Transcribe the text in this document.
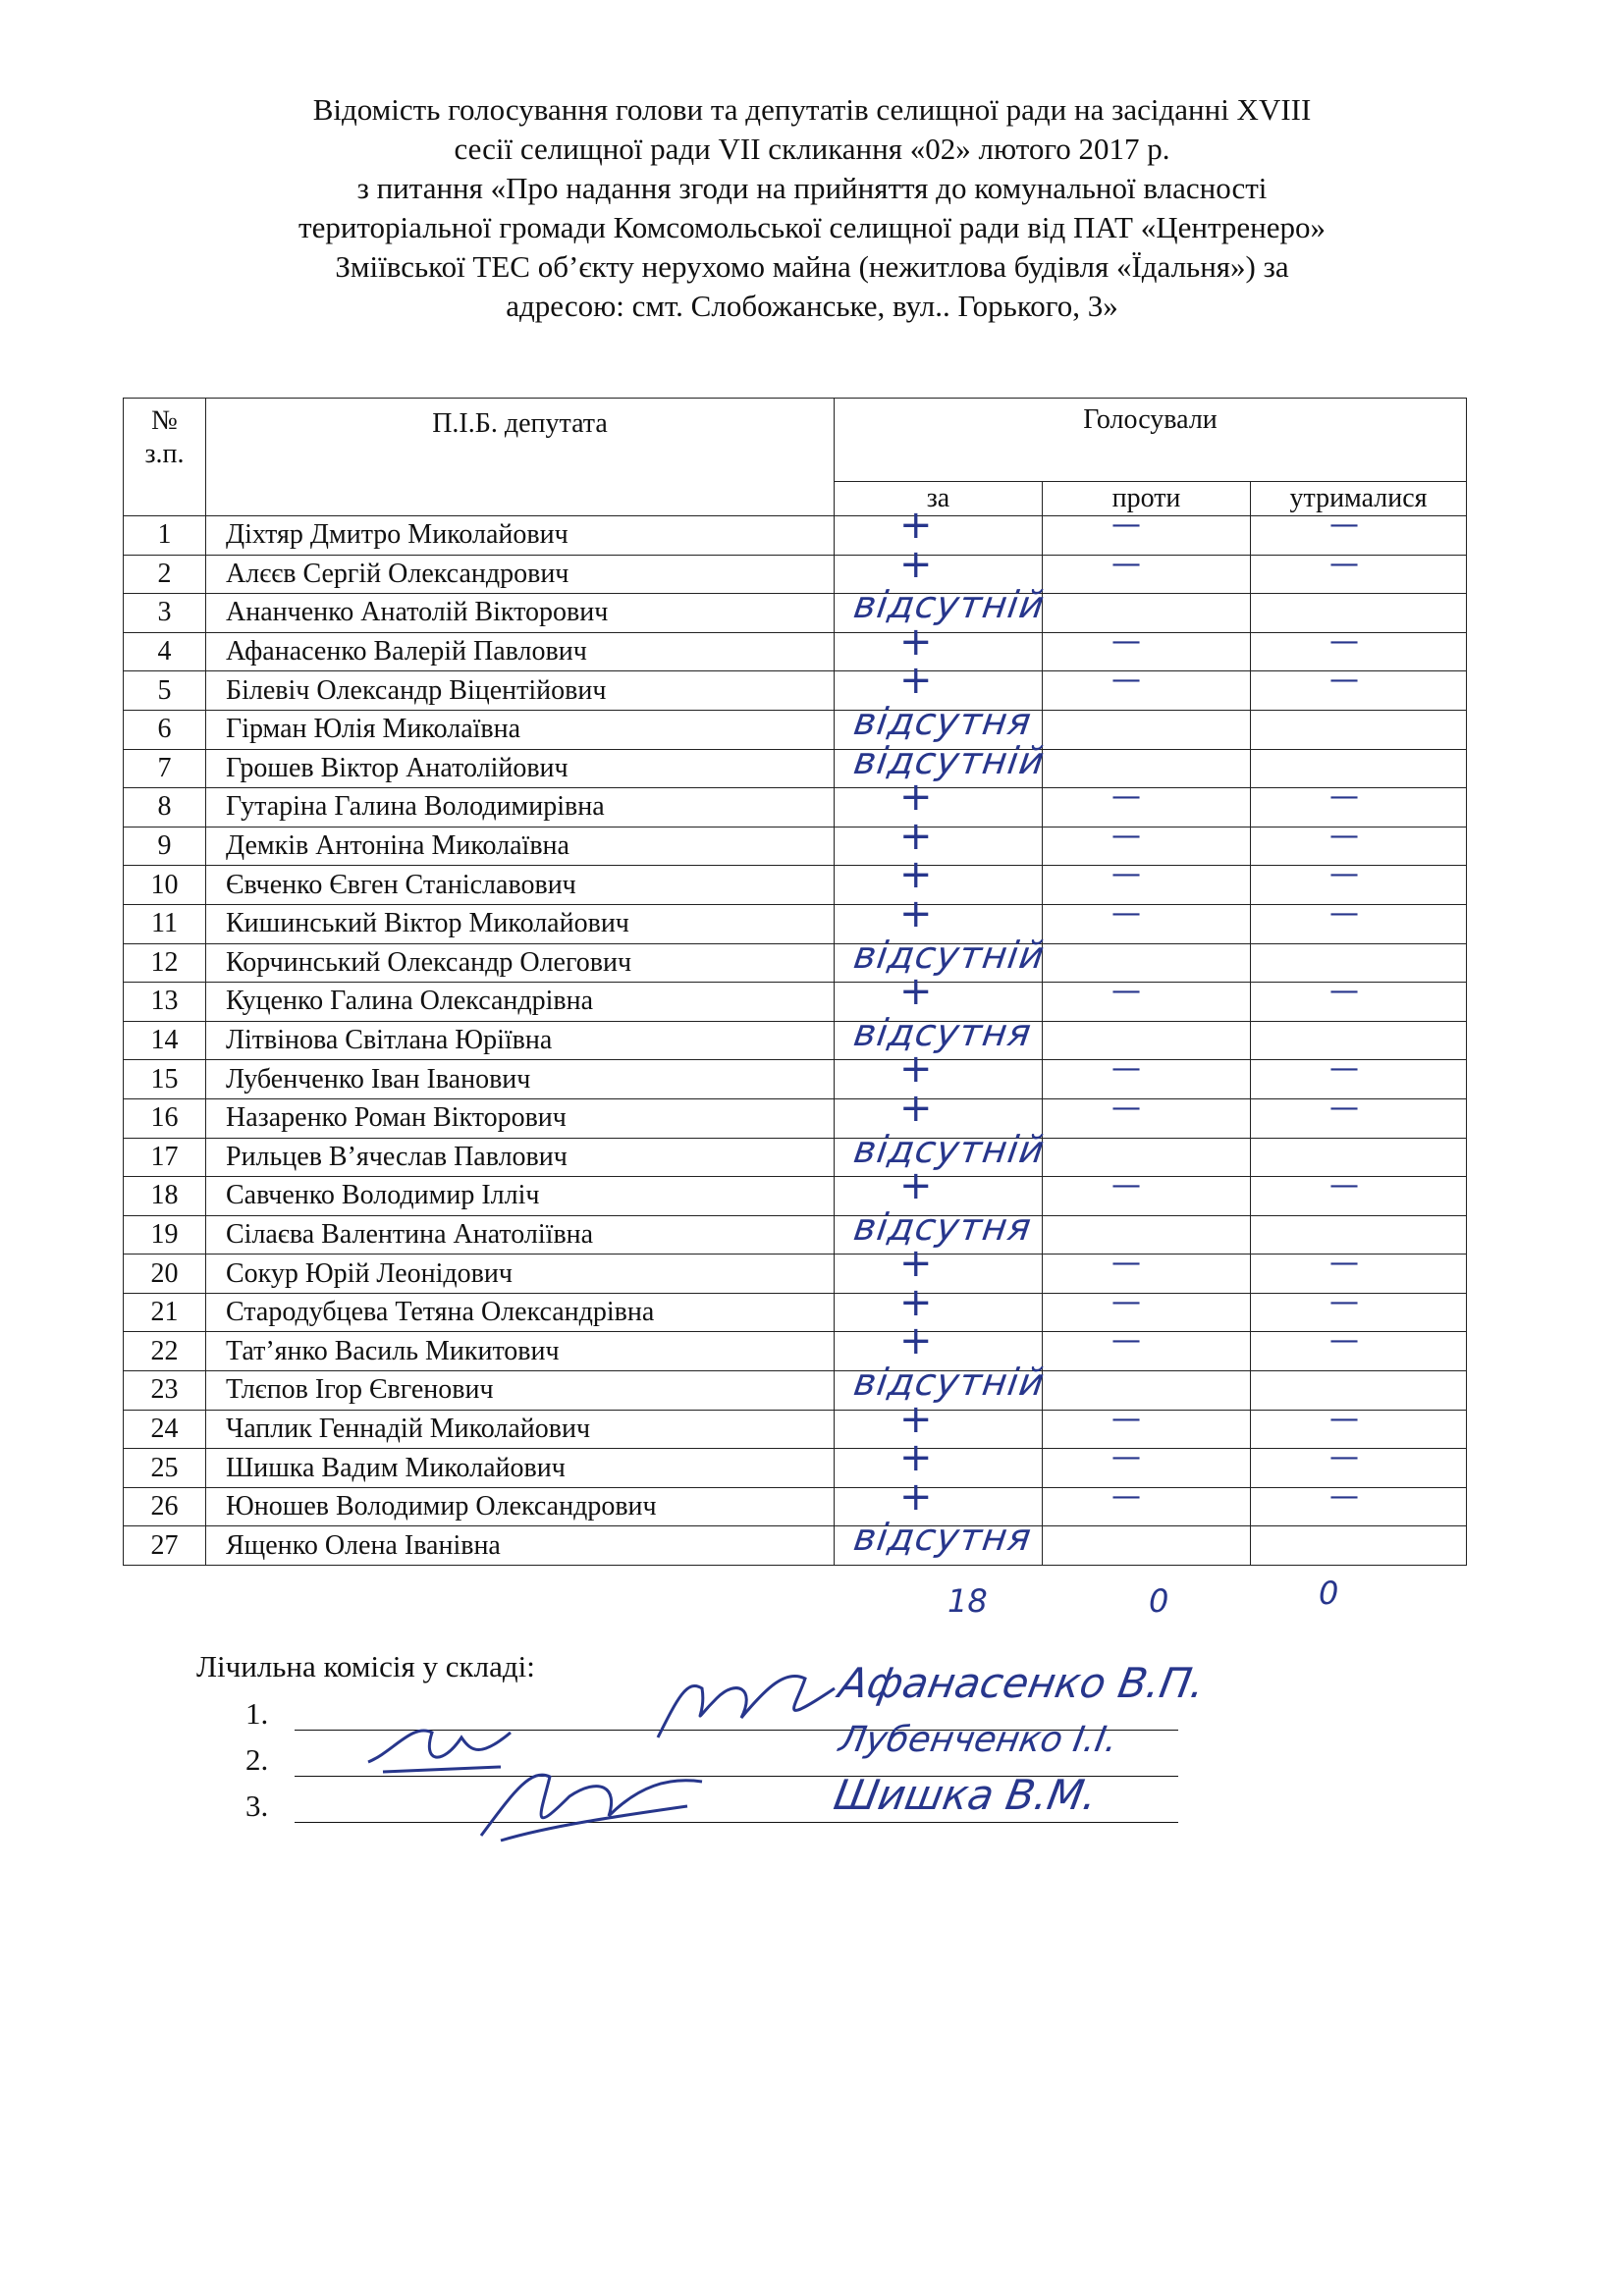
Відомість голосування голови та депутатів селищної ради на засіданні XVIII
сесії селищної ради VII скликання «02» лютого 2017 р.
з питання «Про надання згоди на прийняття до комунальної власності
територіальної громади Комсомольської селищної ради від ПАТ «Центренеро»
Зміївської ТЕС об’єкту нерухомо майна (нежитлова будівля «Їдальня») за
адресою: смт. Слобожанське, вул.. Горького, 3»
№
з.п.	П.І.Б. депутата	Голосували		
		за	проти	утрималися
1	Діхтяр Дмитро Миколайович	+	—	—

2	Алєєв Сергій Олександрович	+	—	—

3	Ананченко Анатолій Вікторович	відсутній		

4	Афанасенко Валерій Павлович	+	—	—

5	Білевіч Олександр Віцентійович	+	—	—

6	Гірман Юлія Миколаївна	відсутня		

7	Грошев Віктор Анатолійович	відсутній		

8	Гутаріна Галина Володимирівна	+	—	—

9	Демків Антоніна Миколаївна	+	—	—

10	Євченко Євген Станіславович	+	—	—

11	Кишинський Віктор Миколайович	+	—	—

12	Корчинський Олександр Олегович	відсутній		

13	Куценко Галина Олександрівна	+	—	—

14	Літвінова Світлана Юріївна	відсутня		

15	Лубенченко Іван Іванович	+	—	—

16	Назаренко Роман Вікторович	+	—	—

17	Рильцев В’ячеслав Павлович	відсутній		

18	Савченко Володимир Ілліч	+	—	—

19	Сілаєва Валентина Анатоліївна	відсутня		

20	Сокур Юрій Леонідович	+	—	—

21	Стародубцева Тетяна Олександрівна	+	—	—

22	Тат’янко Василь Микитович	+	—	—

23	Тлєпов Ігор Євгенович	відсутній		

24	Чаплик Геннадій Миколайович	+	—	—

25	Шишка Вадим Миколайович	+	—	—

26	Юношев Володимир Олександрович	+	—	—

27	Ященко Олена Іванівна	відсутня		

18	0	0
Лічильна комісія у складі:
1.
2.
3.
Афанасенко В.П.
Лубенченко І.І.
Шишка В.М.
